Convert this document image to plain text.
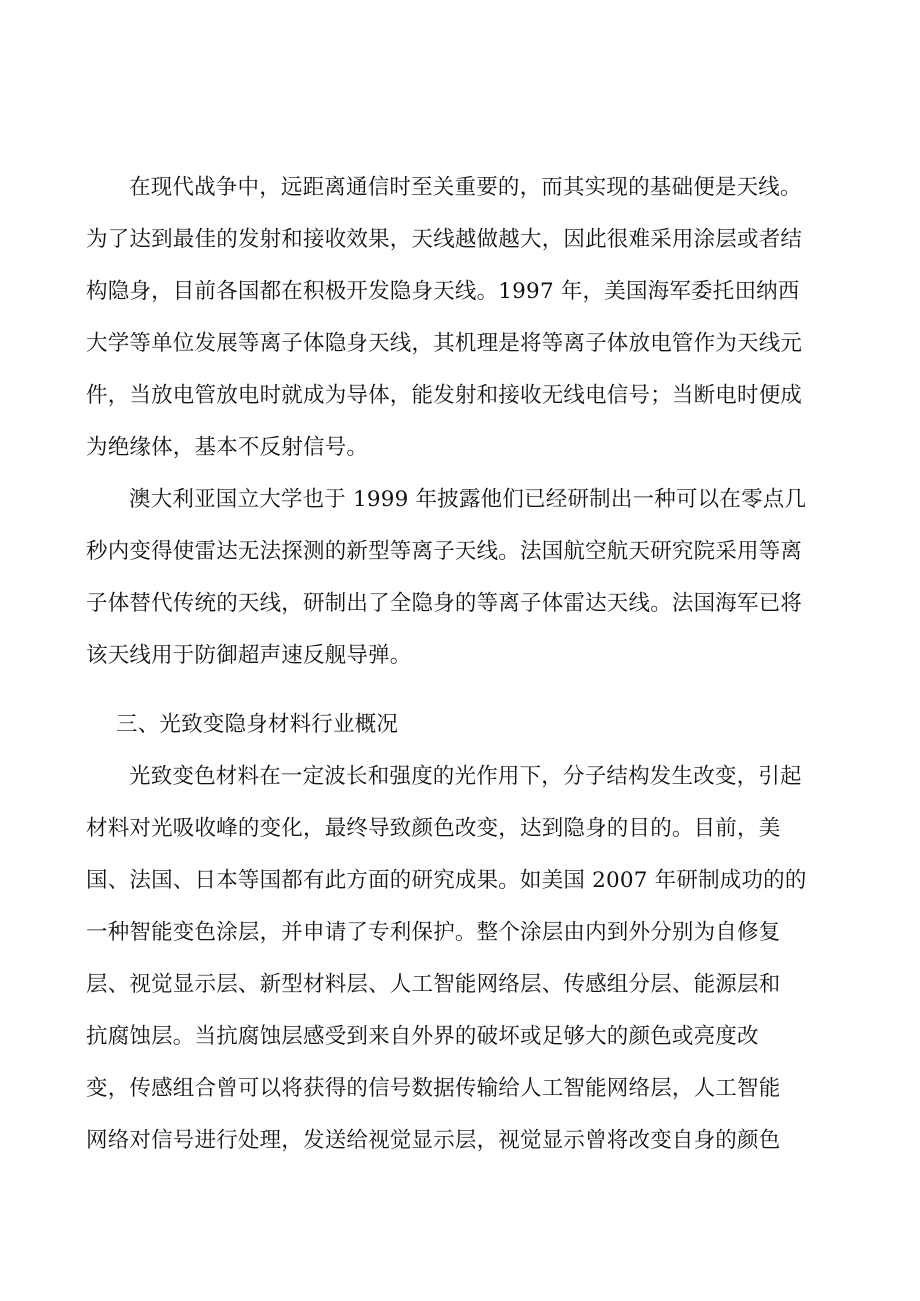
在现代战争中，远距离通信时至关重要的，而其实现的基础便是天线。
为了达到最佳的发射和接收效果，天线越做越大，因此很难采用涂层或者结
构隐身，目前各国都在积极开发隐身天线。1997 年，美国海军委托田纳西
大学等单位发展等离子体隐身天线，其机理是将等离子体放电管作为天线元
件，当放电管放电时就成为导体，能发射和接收无线电信号；当断电时便成
为绝缘体，基本不反射信号。
澳大利亚国立大学也于 1999 年披露他们已经研制出一种可以在零点几
秒内变得使雷达无法探测的新型等离子天线。法国航空航天研究院采用等离
子体替代传统的天线，研制出了全隐身的等离子体雷达天线。法国海军已将
该天线用于防御超声速反舰导弹。
三、光致变隐身材料行业概况
光致变色材料在一定波长和强度的光作用下，分子结构发生改变，引起
材料对光吸收峰的变化，最终导致颜色改变，达到隐身的目的。目前，美
国、法国、日本等国都有此方面的研究成果。如美国 2007 年研制成功的的
一种智能变色涂层，并申请了专利保护。整个涂层由内到外分别为自修复
层、视觉显示层、新型材料层、人工智能网络层、传感组分层、能源层和
抗腐蚀层。当抗腐蚀层感受到来自外界的破坏或足够大的颜色或亮度改
变，传感组合曾可以将获得的信号数据传输给人工智能网络层，人工智能
网络对信号进行处理，发送给视觉显示层，视觉显示曾将改变自身的颜色
